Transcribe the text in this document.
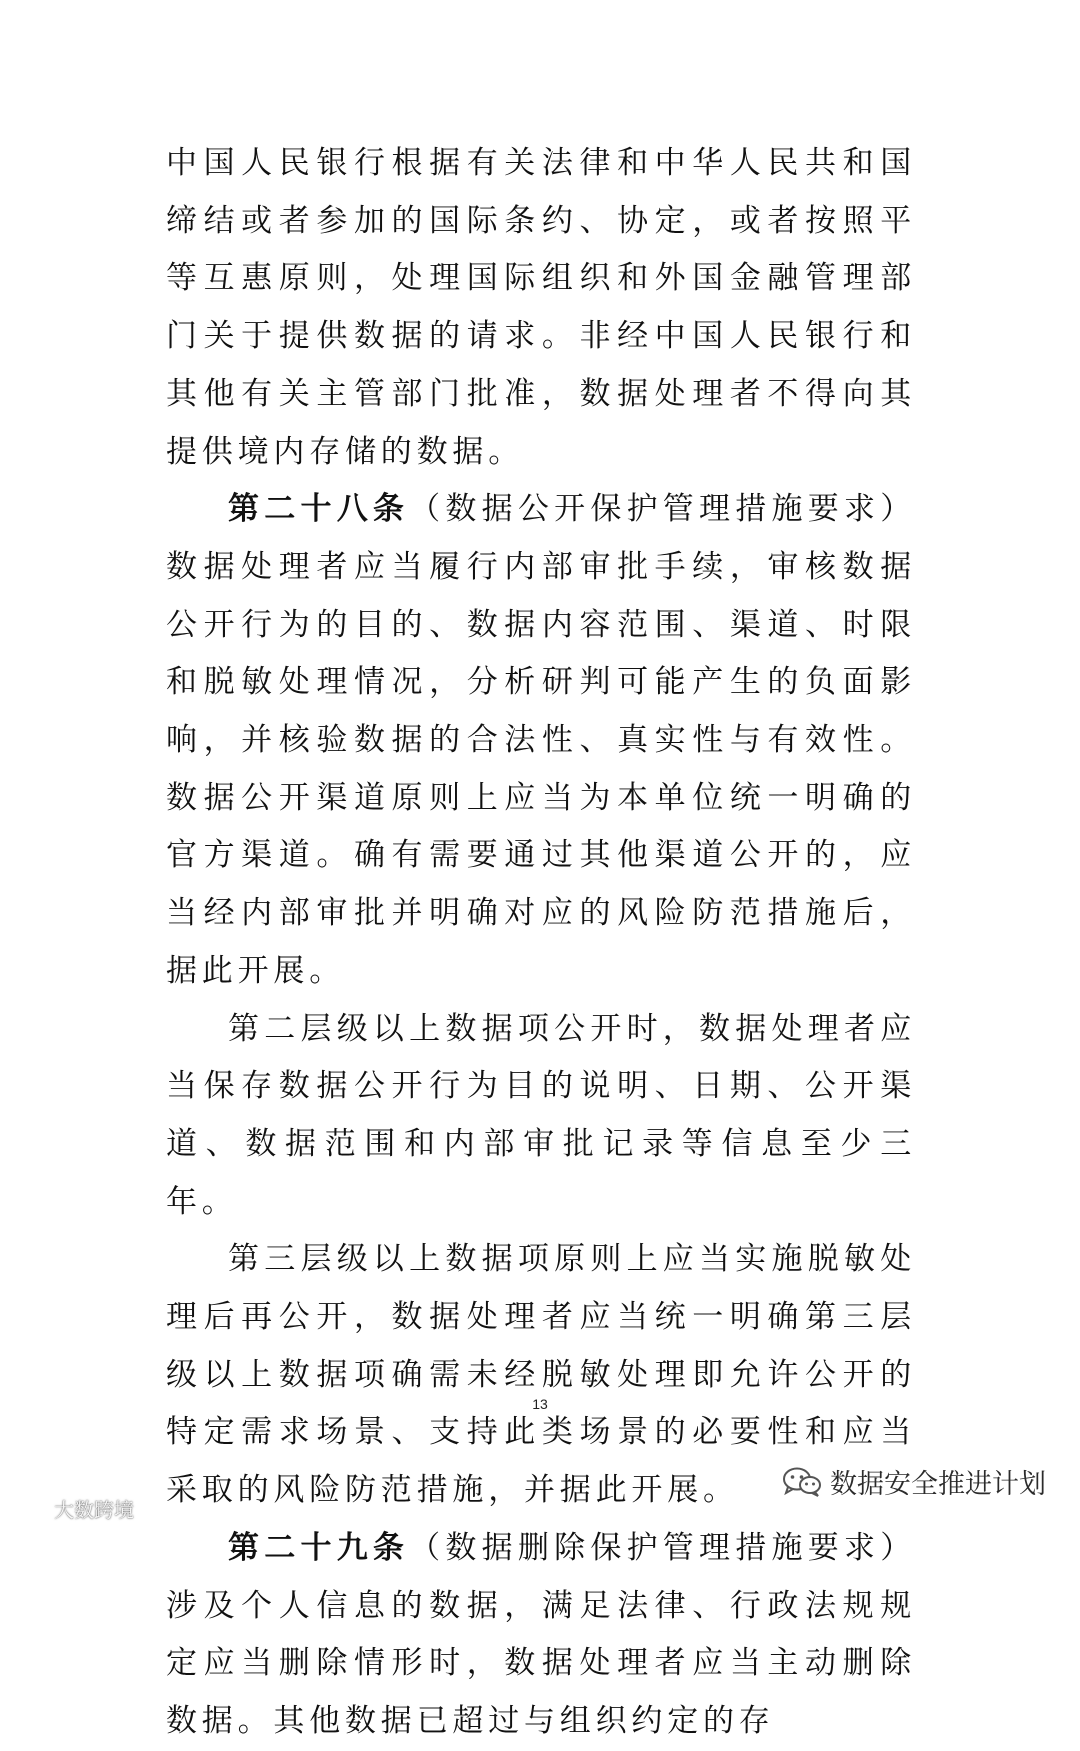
中国人民银行根据有关法律和中华人民共和国缔结或者参加的国际条约、协定，或者按照平等互惠原则，处理国际组织和外国金融管理部门关于提供数据的请求。非经中国人民银行和其他有关主管部门批准，数据处理者不得向其提供境内存储的数据。

第二十八条（数据公开保护管理措施要求）数据处理者应当履行内部审批手续，审核数据公开行为的目的、数据内容范围、渠道、时限和脱敏处理情况，分析研判可能产生的负面影响，并核验数据的合法性、真实性与有效性。数据公开渠道原则上应当为本单位统一明确的官方渠道。确有需要通过其他渠道公开的，应当经内部审批并明确对应的风险防范措施后，据此开展。

第二层级以上数据项公开时，数据处理者应当保存数据公开行为目的说明、日期、公开渠道、数据范围和内部审批记录等信息至少三年。

第三层级以上数据项原则上应当实施脱敏处理后再公开，数据处理者应当统一明确第三层级以上数据项确需未经脱敏处理即允许公开的特定需求场景、支持此类场景的必要性和应当采取的风险防范措施，并据此开展。

第二十九条（数据删除保护管理措施要求）涉及个人信息的数据，满足法律、行政法规规定应当删除情形时，数据处理者应当主动删除数据。其他数据已超过与组织约定的存

13
数据安全推进计划
大数跨境
